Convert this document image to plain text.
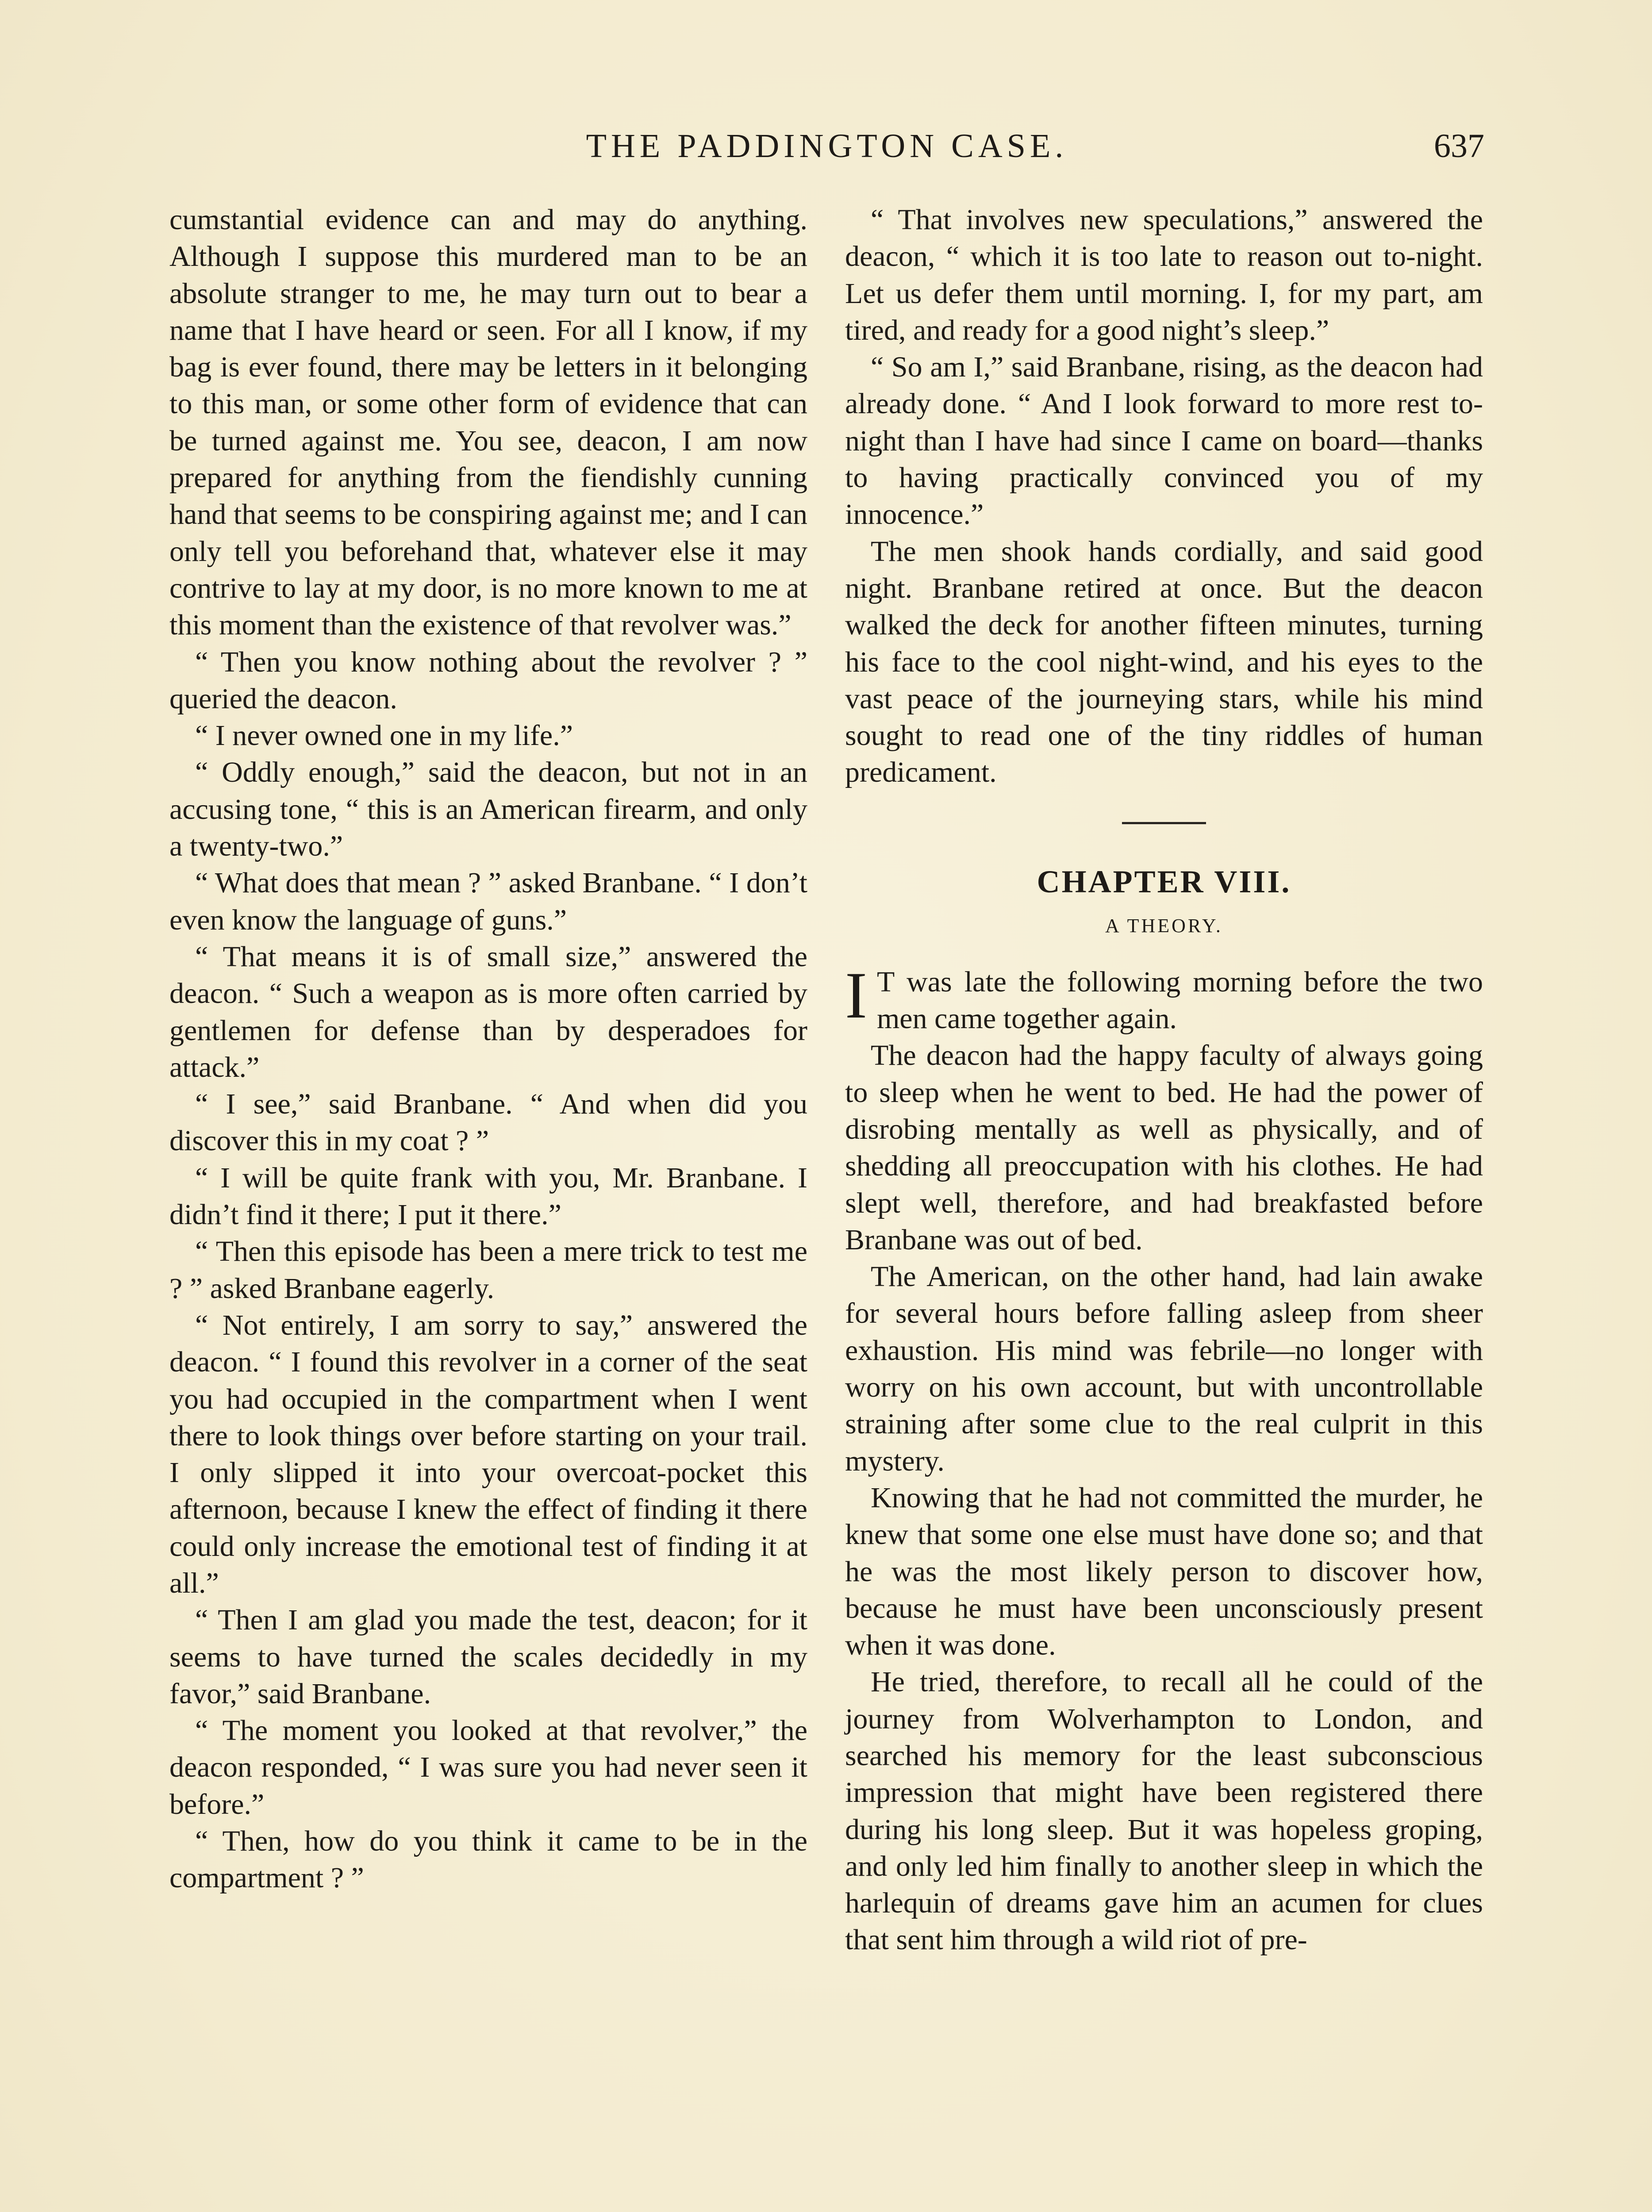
THE PADDINGTON CASE.	637

cumstantial evidence can and may do anything. Although I suppose this murdered man to be an absolute stranger to me, he may turn out to bear a name that I have heard or seen. For all I know, if my bag is ever found, there may be letters in it belonging to this man, or some other form of evidence that can be turned against me. You see, deacon, I am now prepared for anything from the fiendishly cunning hand that seems to be conspiring against me; and I can only tell you beforehand that, whatever else it may contrive to lay at my door, is no more known to me at this moment than the existence of that revolver was.”

“ Then you know nothing about the revolver ? ” queried the deacon.

“ I never owned one in my life.”

“ Oddly enough,” said the deacon, but not in an accusing tone, “ this is an American firearm, and only a twenty-two.”

“ What does that mean ? ” asked Branbane. “ I don’t even know the language of guns.”

“ That means it is of small size,” answered the deacon. “ Such a weapon as is more often carried by gentlemen for defense than by desperadoes for attack.”

“ I see,” said Branbane. “ And when did you discover this in my coat ? ”

“ I will be quite frank with you, Mr. Branbane. I didn’t find it there; I put it there.”

“ Then this episode has been a mere trick to test me ? ” asked Branbane eagerly.

“ Not entirely, I am sorry to say,” answered the deacon. “ I found this revolver in a corner of the seat you had occupied in the compartment when I went there to look things over before starting on your trail. I only slipped it into your overcoat-pocket this afternoon, because I knew the effect of finding it there could only increase the emotional test of finding it at all.”

“ Then I am glad you made the test, deacon; for it seems to have turned the scales decidedly in my favor,” said Branbane.

“ The moment you looked at that revolver,” the deacon responded, “ I was sure you had never seen it before.”

“ Then, how do you think it came to be in the compartment ? ”

“ That involves new speculations,” answered the deacon, “ which it is too late to reason out to-night. Let us defer them until morning. I, for my part, am tired, and ready for a good night’s sleep.”

“ So am I,” said Branbane, rising, as the deacon had already done. “ And I look forward to more rest to-night than I have had since I came on board—thanks to having practically convinced you of my innocence.”

The men shook hands cordially, and said good night. Branbane retired at once. But the deacon walked the deck for another fifteen minutes, turning his face to the cool night-wind, and his eyes to the vast peace of the journeying stars, while his mind sought to read one of the tiny riddles of human predicament.

CHAPTER VIII.
A THEORY.

I T was late the following morning before the two men came together again.

The deacon had the happy faculty of always going to sleep when he went to bed. He had the power of disrobing mentally as well as physically, and of shedding all preoccupation with his clothes. He had slept well, therefore, and had breakfasted before Branbane was out of bed.

The American, on the other hand, had lain awake for several hours before falling asleep from sheer exhaustion. His mind was febrile—no longer with worry on his own account, but with uncontrollable straining after some clue to the real culprit in this mystery.

Knowing that he had not committed the murder, he knew that some one else must have done so; and that he was the most likely person to discover how, because he must have been unconsciously present when it was done.

He tried, therefore, to recall all he could of the journey from Wolverhampton to London, and searched his memory for the least subconscious impression that might have been registered there during his long sleep. But it was hopeless groping, and only led him finally to another sleep in which the harlequin of dreams gave him an acumen for clues that sent him through a wild riot of pre-
